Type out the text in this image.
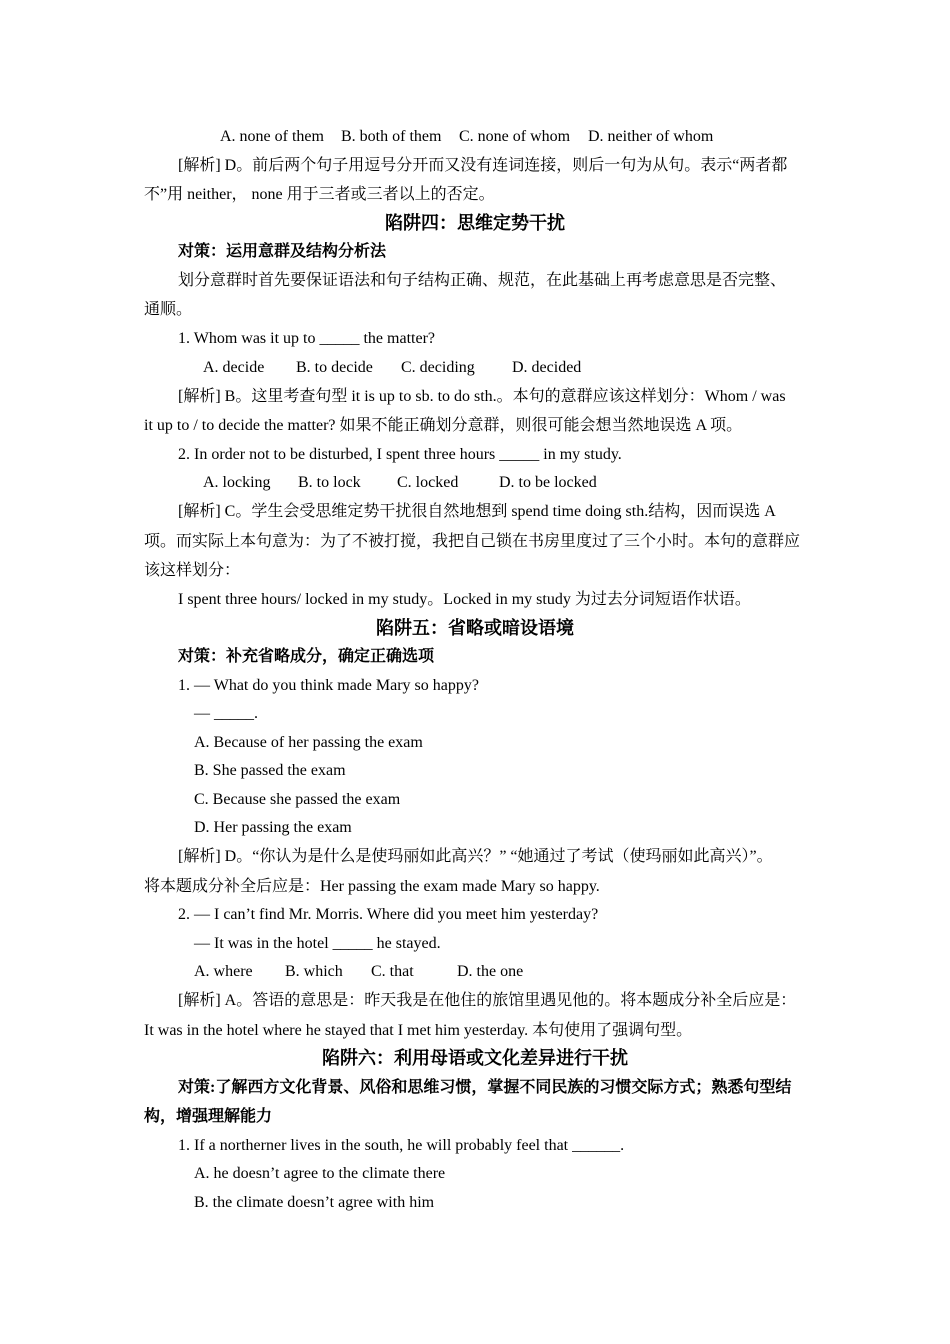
A. none of them B. both of them C. none of whom D. neither of whom
[解析] D。前后两个句子用逗号分开而又没有连词连接，则后一句为从句。表示“两者都
不”用 neither， none 用于三者或三者以上的否定。
陷阱四：思维定势干扰
对策：运用意群及结构分析法
划分意群时首先要保证语法和句子结构正确、规范，在此基础上再考虑意思是否完整、
通顺。
1. Whom was it up to _____ the matter?
A. decide B. to decide C. deciding D. decided
[解析] B。这里考查句型 it is up to sb. to do sth.。本句的意群应该这样划分：Whom / was
it up to / to decide the matter? 如果不能正确划分意群，则很可能会想当然地误选 A 项。
2. In order not to be disturbed, I spent three hours _____ in my study.
A. locking B. to lock C. locked	D. to be locked
[解析] C。学生会受思维定势干扰很自然地想到 spend time doing sth.结构，因而误选 A
项。而实际上本句意为：为了不被打搅，我把自己锁在书房里度过了三个小时。本句的意群应
该这样划分：
I spent three hours/ locked in my study。Locked in my study 为过去分词短语作状语。
陷阱五：省略或暗设语境
对策：补充省略成分，确定正确选项
1. — What do you think made Mary so happy?
— _____.
A. Because of her passing the exam
B. She passed the exam
C. Because she passed the exam
D. Her passing the exam
[解析] D。“你认为是什么是使玛丽如此高兴？” “她通过了考试（使玛丽如此高兴）”。
将本题成分补全后应是：Her passing the exam made Mary so happy.
2. — I can’t find Mr. Morris. Where did you meet him yesterday?
— It was in the hotel _____ he stayed.
A. where B. which C. that	D. the one
[解析] A。答语的意思是：昨天我是在他住的旅馆里遇见他的。将本题成分补全后应是：
It was in the hotel where he stayed that I met him yesterday. 本句使用了强调句型。
陷阱六：利用母语或文化差异进行干扰
对策:了解西方文化背景、风俗和思维习惯，掌握不同民族的习惯交际方式；熟悉句型结
构，增强理解能力
1. If a northerner lives in the south, he will probably feel that ______.
A. he doesn’t agree to the climate there
B. the climate doesn’t agree with him
